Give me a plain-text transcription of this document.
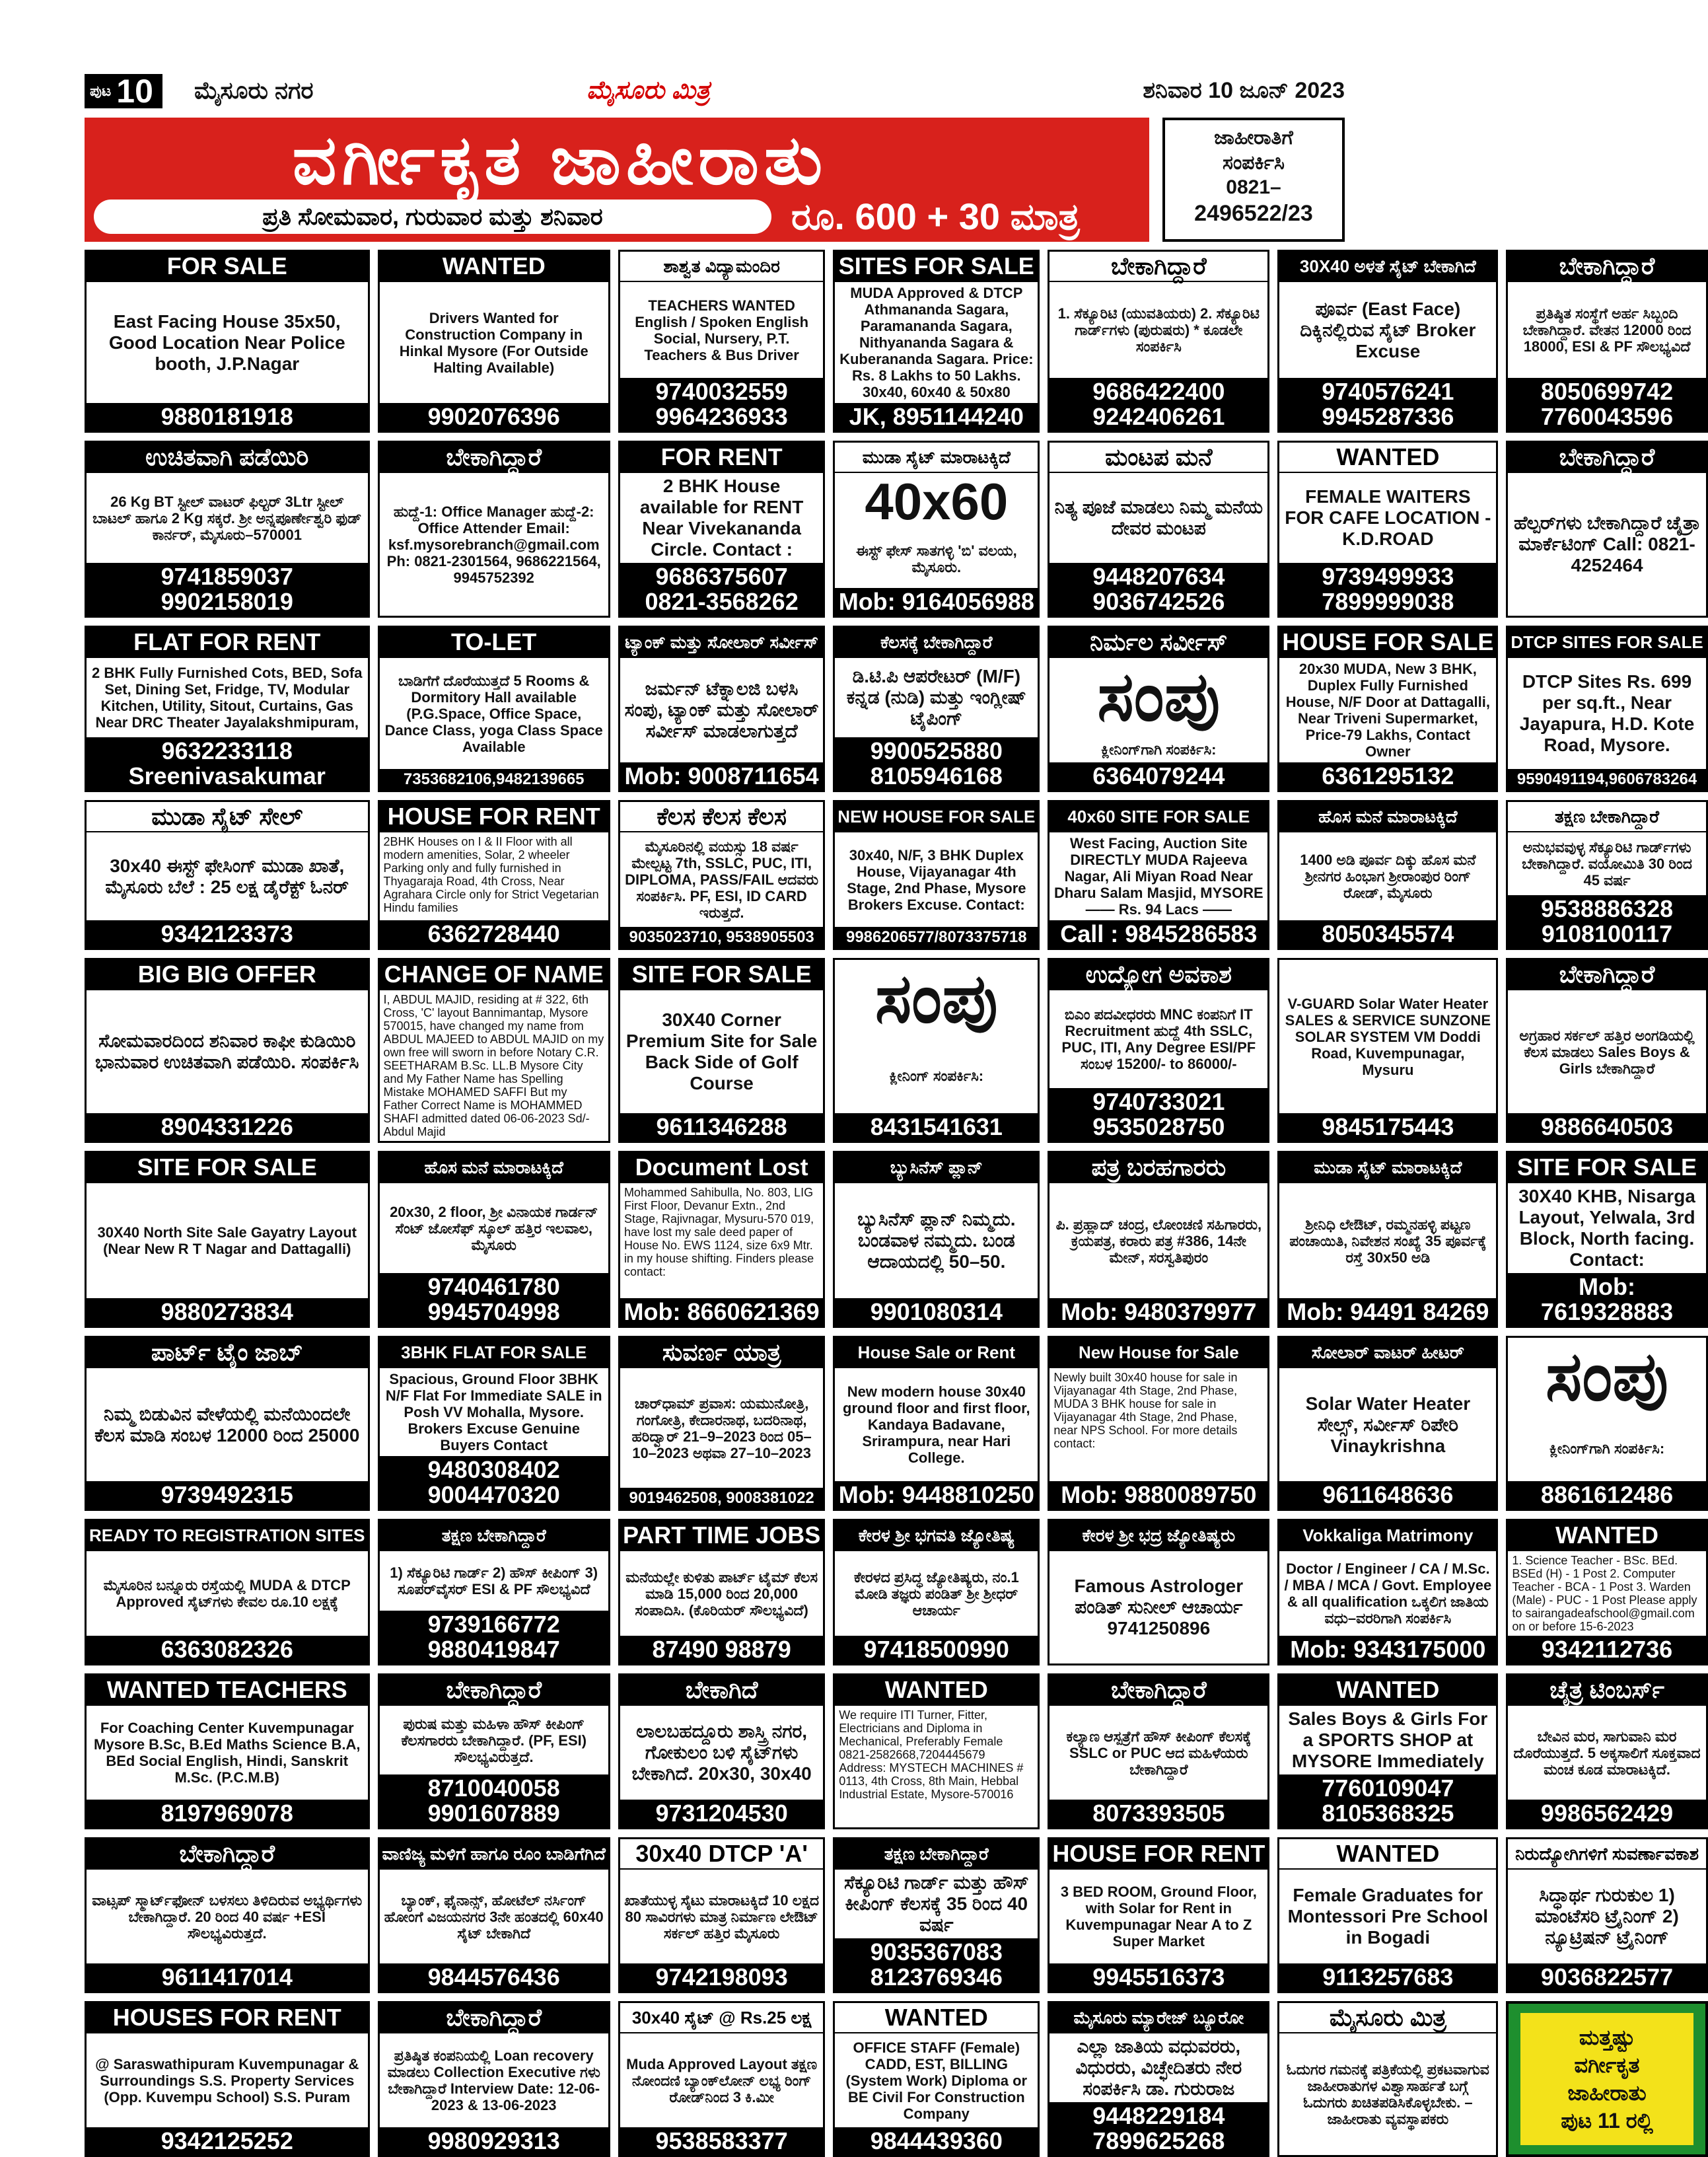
ಪುಟ 10 ಮೈಸೂರು ನಗರ	ಮೈಸೂರು ಮಿತ್ರ	ಶನಿವಾರ 10 ಜೂನ್ 2023
ವರ್ಗೀಕೃತ ಜಾಹೀರಾತು
ಪ್ರತಿ ಸೋಮವಾರ, ಗುರುವಾರ ಮತ್ತು ಶನಿವಾರ	ರೂ. 600 + 30 ಮಾತ್ರ
ಜಾಹೀರಾತಿಗೆ
ಸಂಪರ್ಕಿಸಿ
0821–
2496522/23
FOR SALE
East Facing House 35x50, Good Location Near Police booth, J.P.Nagar
9880181918
WANTED
Drivers Wanted for Construction Company in Hinkal Mysore (For Outside Halting Available)
9902076396
ಶಾಶ್ವತ ವಿದ್ಯಾಮಂದಿರ
TEACHERS WANTED English / Spoken English Social, Nursery, P.T. Teachers & Bus Driver
9740032559
9964236933
SITES FOR SALE
MUDA Approved & DTCP Athmananda Sagara, Paramananda Sagara, Nithyananda Sagara & Kuberananda Sagara. Price: Rs. 8 Lakhs to 50 Lakhs. 30x40, 60x40 & 50x80
JK, 8951144240
ಬೇಕಾಗಿದ್ದಾರೆ
1. ಸೆಕ್ಯೂರಿಟಿ (ಯುವತಿಯರು) 2. ಸೆಕ್ಯೂರಿಟಿ ಗಾರ್ಡ್‌ಗಳು (ಪುರುಷರು) * ಕೂಡಲೇ ಸಂಪರ್ಕಿಸಿ
9686422400
9242406261
30X40 ಅಳತೆ ಸೈಟ್ ಬೇಕಾಗಿದೆ
ಪೂರ್ವ (East Face) ದಿಕ್ಕಿನಲ್ಲಿರುವ ಸೈಟ್ Broker Excuse
9740576241
9945287336
ಬೇಕಾಗಿದ್ದಾರೆ
ಪ್ರತಿಷ್ಠಿತ ಸಂಸ್ಥೆಗೆ ಅರ್ಹ ಸಿಬ್ಬಂದಿ ಬೇಕಾಗಿದ್ದಾರೆ. ವೇತನ 12000 ರಿಂದ 18000, ESI & PF ಸೌಲಭ್ಯವಿದೆ
8050699742
7760043596
ಉಚಿತವಾಗಿ ಪಡೆಯಿರಿ
26 Kg BT ಸ್ಟೀಲ್ ವಾಟರ್ ಫಿಲ್ಟರ್ 3Ltr ಸ್ಟೀಲ್ ಬಾಟಲ್ ಹಾಗೂ 2 Kg ಸಕ್ಕರೆ. ಶ್ರೀ ಅನ್ನಪೂರ್ಣೇಶ್ವರಿ ಫುಡ್ ಕಾರ್ನರ್, ಮೈಸೂರು–570001
9741859037
9902158019
ಬೇಕಾಗಿದ್ದಾರೆ
ಹುದ್ದೆ-1: Office Manager ಹುದ್ದೆ-2: Office Attender Email: ksf.mysorebranch@gmail.com Ph: 0821-2301564, 9686221564, 9945752392
FOR RENT
2 BHK House available for RENT Near Vivekananda Circle. Contact :
9686375607
0821-3568262
ಮುಡಾ ಸೈಟ್ ಮಾರಾಟಕ್ಕಿದೆ
40x60
ಈಸ್ಟ್ ಫೇಸ್ ಸಾತಗಳ್ಳಿ 'ಬಿ' ವಲಯ, ಮೈಸೂರು.
Mob: 9164056988
ಮಂಟಪ ಮನೆ
ನಿತ್ಯ ಪೂಜೆ ಮಾಡಲು ನಿಮ್ಮ ಮನೆಯ ದೇವರ ಮಂಟಪ
9448207634
9036742526
WANTED
FEMALE WAITERS FOR CAFE LOCATION - K.D.ROAD
9739499933
7899999038
ಬೇಕಾಗಿದ್ದಾರೆ
ಹೆಲ್ಪರ್‌ಗಳು ಬೇಕಾಗಿದ್ದಾರೆ ಚೈತ್ರಾ ಮಾರ್ಕೆಟಿಂಗ್ Call: 0821-4252464
FLAT FOR RENT
2 BHK Fully Furnished Cots, BED, Sofa Set, Dining Set, Fridge, TV, Modular Kitchen, Utility, Sitout, Curtains, Gas Near DRC Theater Jayalakshmipuram,
9632233118
Sreenivasakumar
TO-LET
ಬಾಡಿಗೆಗೆ ದೊರೆಯುತ್ತದೆ 5 Rooms & Dormitory Hall available (P.G.Space, Office Space, Dance Class, yoga Class Space Available
7353682106,9482139665
ಟ್ಯಾಂಕ್ ಮತ್ತು ಸೋಲಾರ್ ಸರ್ವೀಸ್
ಜರ್ಮನ್ ಟೆಕ್ನಾಲಜಿ ಬಳಸಿ ಸಂಪು, ಟ್ಯಾಂಕ್ ಮತ್ತು ಸೋಲಾರ್ ಸರ್ವೀಸ್ ಮಾಡಲಾಗುತ್ತದೆ
Mob: 9008711654
ಕೆಲಸಕ್ಕೆ ಬೇಕಾಗಿದ್ದಾರೆ
ಡಿ.ಟಿ.ಪಿ ಆಪರೇಟರ್ (M/F) ಕನ್ನಡ (ನುಡಿ) ಮತ್ತು ಇಂಗ್ಲೀಷ್ ಟೈಪಿಂಗ್
9900525880
8105946168
ನಿರ್ಮಲ ಸರ್ವೀಸ್
ಸಂಪು
ಕ್ಲೀನಿಂಗ್‌ಗಾಗಿ ಸಂಪರ್ಕಿಸಿ:
6364079244
HOUSE FOR SALE
20x30 MUDA, New 3 BHK, Duplex Fully Furnished House, N/F Door at Dattagalli, Near Triveni Supermarket, Price-79 Lakhs, Contact Owner
6361295132
DTCP SITES FOR SALE
DTCP Sites Rs. 699 per sq.ft., Near Jayapura, H.D. Kote Road, Mysore.
9590491194,9606783264
ಮುಡಾ ಸೈಟ್ ಸೇಲ್
30x40 ಈಸ್ಟ್ ಫೇಸಿಂಗ್ ಮುಡಾ ಖಾತೆ, ಮೈಸೂರು ಬೆಲೆ : 25 ಲಕ್ಷ ಡೈರೆಕ್ಟ್ ಓನರ್
9342123373
HOUSE FOR RENT
2BHK Houses on I & II Floor with all modern amenities, Solar, 2 wheeler Parking only and fully furnished in Thyagaraja Road, 4th Cross, Near Agrahara Circle only for Strict Vegetarian Hindu families
6362728440
ಕೆಲಸ ಕೆಲಸ ಕೆಲಸ
ಮೈಸೂರಿನಲ್ಲಿ ವಯಸ್ಸು 18 ವರ್ಷ ಮೇಲ್ಪಟ್ಟ 7th, SSLC, PUC, ITI, DIPLOMA, PASS/FAIL ಆದವರು ಸಂಪರ್ಕಿಸಿ. PF, ESI, ID CARD ಇರುತ್ತದೆ.
9035023710, 9538905503
NEW HOUSE FOR SALE
30x40, N/F, 3 BHK Duplex House, Vijayanagar 4th Stage, 2nd Phase, Mysore Brokers Excuse. Contact:
9986206577/8073375718
40x60 SITE FOR SALE
West Facing, Auction Site DIRECTLY MUDA Rajeeva Nagar, Ali Miyan Road Near Dharu Salam Masjid, MYSORE —— Rs. 94 Lacs ——
Call : 9845286583
ಹೊಸ ಮನೆ ಮಾರಾಟಕ್ಕಿದೆ
1400 ಅಡಿ ಪೂರ್ವ ದಿಕ್ಕು ಹೊಸ ಮನೆ ಶ್ರೀನಗರ ಹಿಂಭಾಗ ಶ್ರೀರಾಂಪುರ ರಿಂಗ್ ರೋಡ್, ಮೈಸೂರು
8050345574
ತಕ್ಷಣ ಬೇಕಾಗಿದ್ದಾರೆ
ಅನುಭವವುಳ್ಳ ಸೆಕ್ಯೂರಿಟಿ ಗಾರ್ಡ್‌ಗಳು ಬೇಕಾಗಿದ್ದಾರೆ. ವಯೋಮಿತಿ 30 ರಿಂದ 45 ವರ್ಷ
9538886328
9108100117
BIG BIG OFFER
ಸೋಮವಾರದಿಂದ ಶನಿವಾರ ಕಾಫೀ ಕುಡಿಯಿರಿ ಭಾನುವಾರ ಉಚಿತವಾಗಿ ಪಡೆಯಿರಿ. ಸಂಪರ್ಕಿಸಿ
8904331226
CHANGE OF NAME
I, ABDUL MAJID, residing at # 322, 6th Cross, 'C' layout Bannimantap, Mysore 570015, have changed my name from ABDUL MAJEED to ABDUL MAJID on my own free will sworn in before Notary C.R. SEETHARAM B.Sc. LL.B Mysore City and My Father Name has Spelling Mistake MOHAMED SAFFI But my Father Correct Name is MOHAMMED SHAFI admitted dated 06-06-2023 Sd/- Abdul Majid
SITE FOR SALE
30X40 Corner Premium Site for Sale Back Side of Golf Course
9611346288
ಸಂಪು
ಕ್ಲೀನಿಂಗ್ ಸಂಪರ್ಕಿಸಿ:
8431541631
ಉದ್ಯೋಗ ಅವಕಾಶ
ಬಿಎಂ ಪದವೀಧರರು MNC ಕಂಪನಿಗೆ IT Recruitment ಹುದ್ದೆ 4th SSLC, PUC, ITI, Any Degree ESI/PF ಸಂಬಳ 15200/- to 86000/-
9740733021
9535028750
V-GUARD Solar Water Heater SALES & SERVICE SUNZONE SOLAR SYSTEM VM Doddi Road, Kuvempunagar, Mysuru
9845175443
ಬೇಕಾಗಿದ್ದಾರೆ
ಅಗ್ರಹಾರ ಸರ್ಕಲ್ ಹತ್ತಿರ ಅಂಗಡಿಯಲ್ಲಿ ಕೆಲಸ ಮಾಡಲು Sales Boys & Girls ಬೇಕಾಗಿದ್ದಾರೆ
9886640503
SITE FOR SALE
30X40 North Site Sale Gayatry Layout (Near New R T Nagar and Dattagalli)
9880273834
ಹೊಸ ಮನೆ ಮಾರಾಟಕ್ಕಿದೆ
20x30, 2 floor, ಶ್ರೀ ವಿನಾಯಕ ಗಾರ್ಡನ್ ಸೆಂಟ್ ಜೋಸೆಫ್ ಸ್ಕೂಲ್ ಹತ್ತಿರ ಇಲವಾಲ, ಮೈಸೂರು
9740461780
9945704998
Document Lost
Mohammed Sahibulla, No. 803, LIG First Floor, Devanur Extn., 2nd Stage, Rajivnagar, Mysuru-570 019, have lost my sale deed paper of House No. EWS 1124, size 6x9 Mtr. in my house shifting. Finders please contact:
Mob: 8660621369
ಬ್ಯುಸಿನೆಸ್ ಪ್ಲಾನ್
ಬ್ಯುಸಿನೆಸ್ ಪ್ಲಾನ್ ನಿಮ್ಮದು. ಬಂಡವಾಳ ನಮ್ಮದು. ಬಂಡ ಆದಾಯದಲ್ಲಿ 50–50.
9901080314
ಪತ್ರ ಬರಹಗಾರರು
ಪಿ. ಪ್ರಹ್ಲಾದ್ ಚಂದ್ರ, ಲೋಂಚಣಿ ಸಹಿಗಾರರು, ಕ್ರಯಪತ್ರ, ಕರಾರು ಪತ್ರ #386, 14ನೇ ಮೇನ್, ಸರಸ್ವತಿಪುರಂ
Mob: 9480379977
ಮುಡಾ ಸೈಟ್ ಮಾರಾಟಕ್ಕಿದೆ
ಶ್ರೀನಿಧಿ ಲೇಔಟ್, ರಮ್ಮನಹಳ್ಳಿ ಪಟ್ಟಣ ಪಂಚಾಯಿತಿ, ನಿವೇಶನ ಸಂಖ್ಯೆ 35 ಪೂರ್ವಕ್ಕೆ ರಸ್ತೆ 30x50 ಅಡಿ
Mob: 94491 84269
SITE FOR SALE
30X40 KHB, Nisarga Layout, Yelwala, 3rd Block, North facing. Contact:
Mob: 7619328883
ಪಾರ್ಟ್ ಟೈಂ ಜಾಬ್
ನಿಮ್ಮ ಬಿಡುವಿನ ವೇಳೆಯಲ್ಲಿ ಮನೆಯಿಂದಲೇ ಕೆಲಸ ಮಾಡಿ ಸಂಬಳ 12000 ರಿಂದ 25000
9739492315
3BHK FLAT FOR SALE
Spacious, Ground Floor 3BHK N/F Flat For Immediate SALE in Posh VV Mohalla, Mysore. Brokers Excuse Genuine Buyers Contact
9480308402
9004470320
ಸುವರ್ಣ ಯಾತ್ರ
ಚಾರ್‌ಧಾಮ್ ಪ್ರವಾಸ: ಯಮುನೋತ್ರಿ, ಗಂಗೋತ್ರಿ, ಕೇದಾರನಾಥ, ಬದರಿನಾಥ, ಹರಿದ್ವಾರ್ 21–9–2023 ರಿಂದ 05–10–2023 ಅಥವಾ 27–10–2023
9019462508, 9008381022
House Sale or Rent
New modern house 30x40 ground floor and first floor, Kandaya Badavane, Srirampura, near Hari College.
Mob: 9448810250
New House for Sale
Newly built 30x40 house for sale in Vijayanagar 4th Stage, 2nd Phase, MUDA 3 BHK house for sale in Vijayanagar 4th Stage, 2nd Phase, near NPS School. For more details contact:
Mob: 9880089750
ಸೋಲಾರ್ ವಾಟರ್ ಹೀಟರ್
Solar Water Heater ಸೇಲ್ಸ್, ಸರ್ವೀಸ್ ರಿಪೇರಿ Vinaykrishna
9611648636
ಸಂಪು
ಕ್ಲೀನಿಂಗ್‌ಗಾಗಿ ಸಂಪರ್ಕಿಸಿ:
8861612486
READY TO REGISTRATION SITES
ಮೈಸೂರಿನ ಬನ್ನೂರು ರಸ್ತೆಯಲ್ಲಿ MUDA & DTCP Approved ಸೈಟ್‌ಗಳು ಕೇವಲ ರೂ.10 ಲಕ್ಷಕ್ಕೆ
6363082326
ತಕ್ಷಣ ಬೇಕಾಗಿದ್ದಾರೆ
1) ಸೆಕ್ಯೂರಿಟಿ ಗಾರ್ಡ್ 2) ಹೌಸ್ ಕೀಪಿಂಗ್ 3) ಸೂಪರ್‌ವೈಸರ್ ESI & PF ಸೌಲಭ್ಯವಿದೆ
9739166772
9880419847
PART TIME JOBS
ಮನೆಯಲ್ಲೇ ಕುಳಿತು ಪಾರ್ಟ್ ಟೈಮ್ ಕೆಲಸ ಮಾಡಿ 15,000 ರಿಂದ 20,000 ಸಂಪಾದಿಸಿ. (ಕೊರಿಯರ್ ಸೌಲಭ್ಯವಿದೆ)
87490 98879
ಕೇರಳ ಶ್ರೀ ಭಗವತಿ ಜ್ಯೋತಿಷ್ಯ
ಕೇರಳದ ಪ್ರಸಿದ್ಧ ಜ್ಯೋತಿಷ್ಯರು, ನಂ.1 ಮೋಡಿ ತಜ್ಞರು ಪಂಡಿತ್ ಶ್ರೀ ಶ್ರೀಧರ್ ಆಚಾರ್ಯ
97418500990
ಕೇರಳ ಶ್ರೀ ಭದ್ರ ಜ್ಯೋತಿಷ್ಯರು
Famous Astrologer ಪಂಡಿತ್ ಸುನೀಲ್ ಆಚಾರ್ಯ 9741250896
Vokkaliga Matrimony
Doctor / Engineer / CA / M.Sc. / MBA / MCA / Govt. Employee & all qualification ಒಕ್ಕಲಿಗ ಜಾತಿಯ ವಧು–ವರರಿಗಾಗಿ ಸಂಪರ್ಕಿಸಿ
Mob: 9343175000
WANTED
1. Science Teacher - BSc. BEd. BSEd (H) - 1 Post 2. Computer Teacher - BCA - 1 Post 3. Warden (Male) - PUC - 1 Post Please apply to sairangadeafschool@gmail.com on or before 15-6-2023
9342112736
WANTED TEACHERS
For Coaching Center Kuvempunagar Mysore B.Sc, B.Ed Maths Science B.A, BEd Social English, Hindi, Sanskrit M.Sc. (P.C.M.B)
8197969078
ಬೇಕಾಗಿದ್ದಾರೆ
ಪುರುಷ ಮತ್ತು ಮಹಿಳಾ ಹೌಸ್ ಕೀಪಿಂಗ್ ಕೆಲಸಗಾರರು ಬೇಕಾಗಿದ್ದಾರೆ. (PF, ESI) ಸೌಲಭ್ಯವಿರುತ್ತದೆ.
8710040058
9901607889
ಬೇಕಾಗಿದೆ
ಲಾಲಬಹದ್ದೂರು ಶಾಸ್ತ್ರಿ ನಗರ, ಗೋಕುಲಂ ಬಳಿ ಸೈಟ್‌ಗಳು ಬೇಕಾಗಿದೆ. 20x30, 30x40
9731204530
WANTED
We require ITI Turner, Fitter, Electricians and Diploma in Mechanical, Preferably Female 0821-2582668,7204445679 Address: MYSTECH MACHINES # 0113, 4th Cross, 8th Main, Hebbal Industrial Estate, Mysore-570016
ಬೇಕಾಗಿದ್ದಾರೆ
ಕಲ್ಯಾಣ ಆಸ್ಪತ್ರೆಗೆ ಹೌಸ್ ಕೀಪಿಂಗ್ ಕೆಲಸಕ್ಕೆ SSLC or PUC ಆದ ಮಹಿಳೆಯರು ಬೇಕಾಗಿದ್ದಾರೆ
8073393505
WANTED
Sales Boys & Girls For a SPORTS SHOP at MYSORE Immediately
7760109047
8105368325
ಚೈತ್ರ ಟಿಂಬರ್ಸ್
ಬೇವಿನ ಮರ, ಸಾಗುವಾನಿ ಮರ ದೊರೆಯುತ್ತದೆ. 5 ಅಕ್ಕಸಾಲಿಗೆ ಸೂಕ್ತವಾದ ಮಂಚ ಕೂಡ ಮಾರಾಟಕ್ಕಿದೆ.
9986562429
ಬೇಕಾಗಿದ್ದಾರೆ
ವಾಟ್ಸಪ್ ಸ್ಮಾರ್ಟ್‌ಫೋನ್ ಬಳಸಲು ತಿಳಿದಿರುವ ಅಭ್ಯರ್ಥಿಗಳು ಬೇಕಾಗಿದ್ದಾರೆ. 20 ರಿಂದ 40 ವರ್ಷ +ESI ಸೌಲಭ್ಯವಿರುತ್ತದೆ.
9611417014
ವಾಣಿಜ್ಯ ಮಳಿಗೆ ಹಾಗೂ ರೂಂ ಬಾಡಿಗೆಗಿದೆ
ಬ್ಯಾಂಕ್, ಫೈನಾನ್ಸ್, ಹೋಟೆಲ್ ನರ್ಸಿಂಗ್ ಹೋಂಗೆ ವಿಜಯನಗರ 3ನೇ ಹಂತದಲ್ಲಿ 60x40 ಸೈಟ್ ಬೇಕಾಗಿದೆ
9844576436
30x40 DTCP 'A'
ಖಾತೆಯುಳ್ಳ ಸೈಟು ಮಾರಾಟಕ್ಕಿದೆ 10 ಲಕ್ಷದ 80 ಸಾವಿರಗಳು ಮಾತ್ರ ನಿರ್ಮಾಣ ಲೇಔಟ್ ಸರ್ಕಲ್ ಹತ್ತಿರ ಮೈಸೂರು
9742198093
ತಕ್ಷಣ ಬೇಕಾಗಿದ್ದಾರೆ
ಸೆಕ್ಯೂರಿಟಿ ಗಾರ್ಡ್ ಮತ್ತು ಹೌಸ್ ಕೀಪಿಂಗ್ ಕೆಲಸಕ್ಕೆ 35 ರಿಂದ 40 ವರ್ಷ
9035367083
8123769346
HOUSE FOR RENT
3 BED ROOM, Ground Floor, with Solar for Rent in Kuvempunagar Near A to Z Super Market
9945516373
WANTED
Female Graduates for Montessori Pre School in Bogadi
9113257683
ನಿರುದ್ಯೋಗಿಗಳಿಗೆ ಸುವರ್ಣಾವಕಾಶ
ಸಿದ್ಧಾರ್ಥ ಗುರುಕುಲ 1) ಮಾಂಟೆಸರಿ ಟ್ರೈನಿಂಗ್ 2) ನ್ಯೂಟ್ರಿಷನ್ ಟ್ರೈನಿಂಗ್
9036822577
HOUSES FOR RENT
@ Saraswathipuram Kuvempunagar & Surroundings S.S. Property Services (Opp. Kuvempu School) S.S. Puram
9342125252
ಬೇಕಾಗಿದ್ದಾರೆ
ಪ್ರತಿಷ್ಠಿತ ಕಂಪನಿಯಲ್ಲಿ Loan recovery ಮಾಡಲು Collection Executive ಗಳು ಬೇಕಾಗಿದ್ದಾರೆ Interview Date: 12-06-2023 & 13-06-2023
9980929313
30x40 ಸೈಟ್ @ Rs.25 ಲಕ್ಷ
Muda Approved Layout ತಕ್ಷಣ ನೋಂದಣಿ ಬ್ಯಾಂಕ್‌ಲೋನ್ ಲಭ್ಯ ರಿಂಗ್ ರೋಡ್‌ನಿಂದ 3 ಕಿ.ಮೀ
9538583377
WANTED
OFFICE STAFF (Female) CADD, EST, BILLING (System Work) Diploma or BE Civil For Construction Company
9844439360
ಮೈಸೂರು ಮ್ಯಾರೇಜ್ ಬ್ಯೂರೋ
ಎಲ್ಲಾ ಜಾತಿಯ ವಧುವರರು, ವಿಧುರರು, ವಿಚ್ಛೇದಿತರು ನೇರ ಸಂಪರ್ಕಿಸಿ ಡಾ. ಗುರುರಾಜ
9448229184
7899625268
ಮೈಸೂರು ಮಿತ್ರ
ಓದುಗರ ಗಮನಕ್ಕೆ ಪತ್ರಿಕೆಯಲ್ಲಿ ಪ್ರಕಟವಾಗುವ ಜಾಹೀರಾತುಗಳ ವಿಶ್ವಾಸಾರ್ಹತೆ ಬಗ್ಗೆ ಓದುಗರು ಖಚಿತಪಡಿಸಿಕೊಳ್ಳಬೇಕು. –ಜಾಹೀರಾತು ವ್ಯವಸ್ಥಾಪಕರು
ಮತ್ತಷ್ಟು
ವರ್ಗೀಕೃತ
ಜಾಹೀರಾತು
ಪುಟ 11 ರಲ್ಲಿ
